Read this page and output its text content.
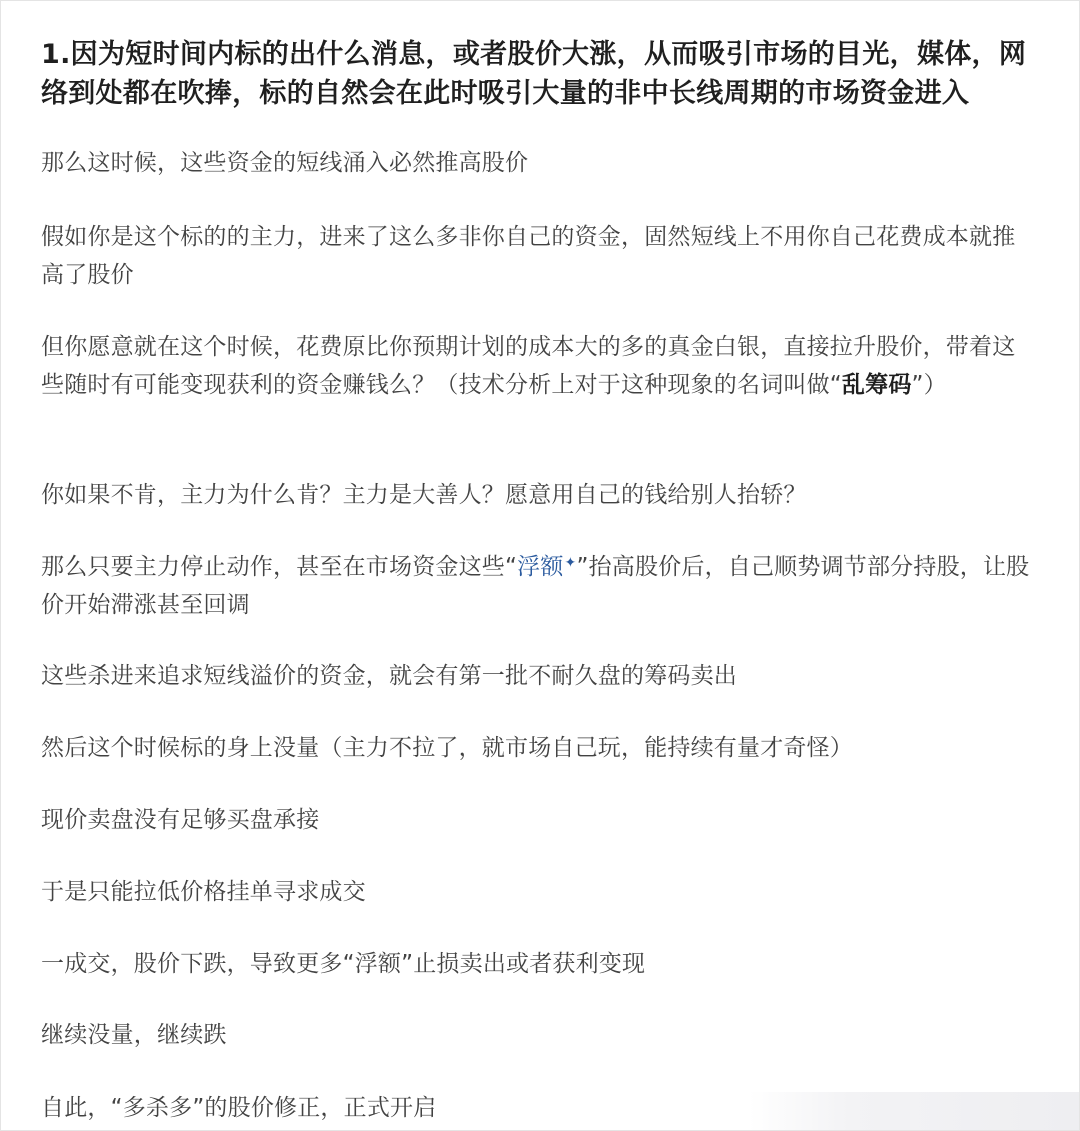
1.因为短时间内标的出什么消息，或者股价大涨，从而吸引市场的目光，媒体，网络到处都在吹捧，标的自然会在此时吸引大量的非中长线周期的市场资金进入

那么这时候，这些资金的短线涌入必然推高股价

假如你是这个标的的主力，进来了这么多非你自己的资金，固然短线上不用你自己花费成本就推高了股价

但你愿意就在这个时候，花费原比你预期计划的成本大的多的真金白银，直接拉升股价，带着这些随时有可能变现获利的资金赚钱么？（技术分析上对于这种现象的名词叫做“乱筹码”）

你如果不肯，主力为什么肯？主力是大善人？愿意用自己的钱给别人抬轿？

那么只要主力停止动作，甚至在市场资金这些“浮额✦”抬高股价后，自己顺势调节部分持股，让股价开始滞涨甚至回调

这些杀进来追求短线溢价的资金，就会有第一批不耐久盘的筹码卖出

然后这个时候标的身上没量（主力不拉了，就市场自己玩，能持续有量才奇怪）

现价卖盘没有足够买盘承接

于是只能拉低价格挂单寻求成交

一成交，股价下跌，导致更多“浮额”止损卖出或者获利变现

继续没量，继续跌

自此，“多杀多”的股价修正，正式开启
